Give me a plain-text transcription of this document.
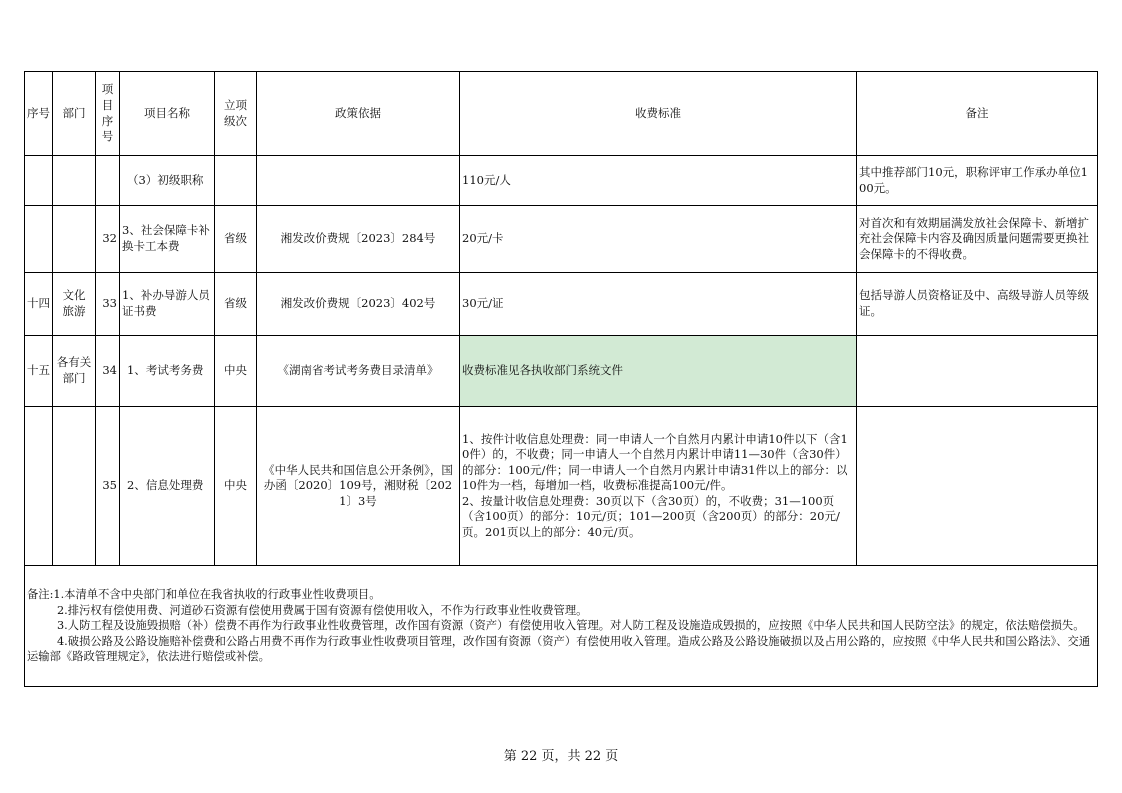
序号	部门	项目序号	项目名称	立项级次	政策依据	收费标准	备注
			（3）初级职称			110元/人	其中推荐部门10元，职称评审工作承办单位100元。
		32	3、社会保障卡补换卡工本费	省级	湘发改价费规〔2023〕284号	20元/卡	对首次和有效期届满发放社会保障卡、新增扩充社会保障卡内容及确因质量问题需要更换社会保障卡的不得收费。
十四	文化旅游	33	1、补办导游人员证书费	省级	湘发改价费规〔2023〕402号	30元/证	包括导游人员资格证及中、高级导游人员等级证。
十五	各有关部门	34	1、考试考务费	中央	《湖南省考试考务费目录清单》	收费标准见各执收部门系统文件	
		35	2、信息处理费	中央	《中华人民共和国信息公开条例》，国办函〔2020〕109号，湘财税〔2021〕3号	1、按件计收信息处理费：同一申请人一个自然月内累计申请10件以下（含10件）的，不收费；同一申请人一个自然月内累计申请11—30件（含30件）的部分：100元/件；同一申请人一个自然月内累计申请31件以上的部分：以10件为一档，每增加一档，收费标准提高100元/件。
2、按量计收信息处理费：30页以下（含30页）的，不收费；31—100页（含100页）的部分：10元/页；101—200页（含200页）的部分：20元/页。201页以上的部分：40元/页。	

备注:1.本清单不含中央部门和单位在我省执收的行政事业性收费项目。
2.排污权有偿使用费、河道砂石资源有偿使用费属于国有资源有偿使用收入，不作为行政事业性收费管理。
3.人防工程及设施毁损赔（补）偿费不再作为行政事业性收费管理，改作国有资源（资产）有偿使用收入管理。对人防工程及设施造成毁损的，应按照《中华人民共和国人民防空法》的规定，依法赔偿损失。
4.破损公路及公路设施赔补偿费和公路占用费不再作为行政事业性收费项目管理，改作国有资源（资产）有偿使用收入管理。造成公路及公路设施破损以及占用公路的，应按照《中华人民共和国公路法》、交通运输部《路政管理规定》，依法进行赔偿或补偿。							
第 22 页，共 22 页
